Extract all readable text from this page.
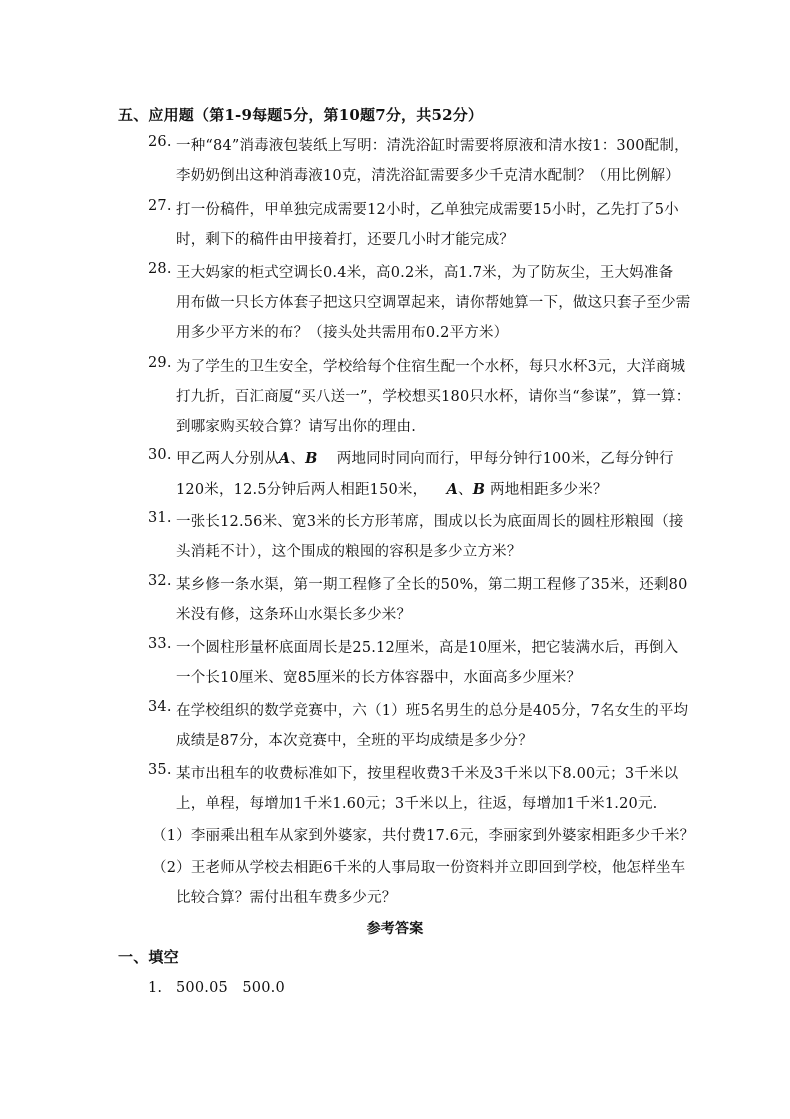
五、应用题（第1-9每题5分，第10题7分，共52分）
26. 一种“84”消毒液包装纸上写明：清洗浴缸时需要将原液和清水按1：300配制，
李奶奶倒出这种消毒液10克，清洗浴缸需要多少千克清水配制？（用比例解）
27. 打一份稿件，甲单独完成需要12小时，乙单独完成需要15小时，乙先打了5小
时，剩下的稿件由甲接着打，还要几小时才能完成？
28. 王大妈家的柜式空调长0.4米，高0.2米，高1.7米，为了防灰尘，王大妈准备
用布做一只长方体套子把这只空调罩起来，请你帮她算一下，做这只套子至少需
用多少平方米的布？（接头处共需用布0.2平方米）
29. 为了学生的卫生安全，学校给每个住宿生配一个水杯，每只水杯3元，大洋商城
打九折，百汇商厦“买八送一”，学校想买180只水杯，请你当“参谋”，算一算：
到哪家购买较合算？请写出你的理由.
30. 甲乙两人分别从A、B 两地同时同向而行，甲每分钟行100米，乙每分钟行
120米，12.5分钟后两人相距150米， A、B 两地相距多少米？
31. 一张长12.56米、宽3米的长方形苇席，围成以长为底面周长的圆柱形粮囤（接
头消耗不计），这个围成的粮囤的容积是多少立方米？
32. 某乡修一条水渠，第一期工程修了全长的50%，第二期工程修了35米，还剩80
米没有修，这条环山水渠长多少米？
33. 一个圆柱形量杯底面周长是25.12厘米，高是10厘米，把它装满水后，再倒入
一个长10厘米、宽85厘米的长方体容器中，水面高多少厘米？
34. 在学校组织的数学竞赛中，六（1）班5名男生的总分是405分，7名女生的平均
成绩是87分，本次竞赛中，全班的平均成绩是多少分？
35. 某市出租车的收费标准如下，按里程收费3千米及3千米以下8.00元；3千米以
上，单程，每增加1千米1.60元；3千米以上，往返，每增加1千米1.20元.
（1）李丽乘出租车从家到外婆家，共付费17.6元，李丽家到外婆家相距多少千米？
（2）王老师从学校去相距6千米的人事局取一份资料并立即回到学校，他怎样坐车
比较合算？需付出租车费多少元？
参考答案
一、填空
1. 500.05   500.0
